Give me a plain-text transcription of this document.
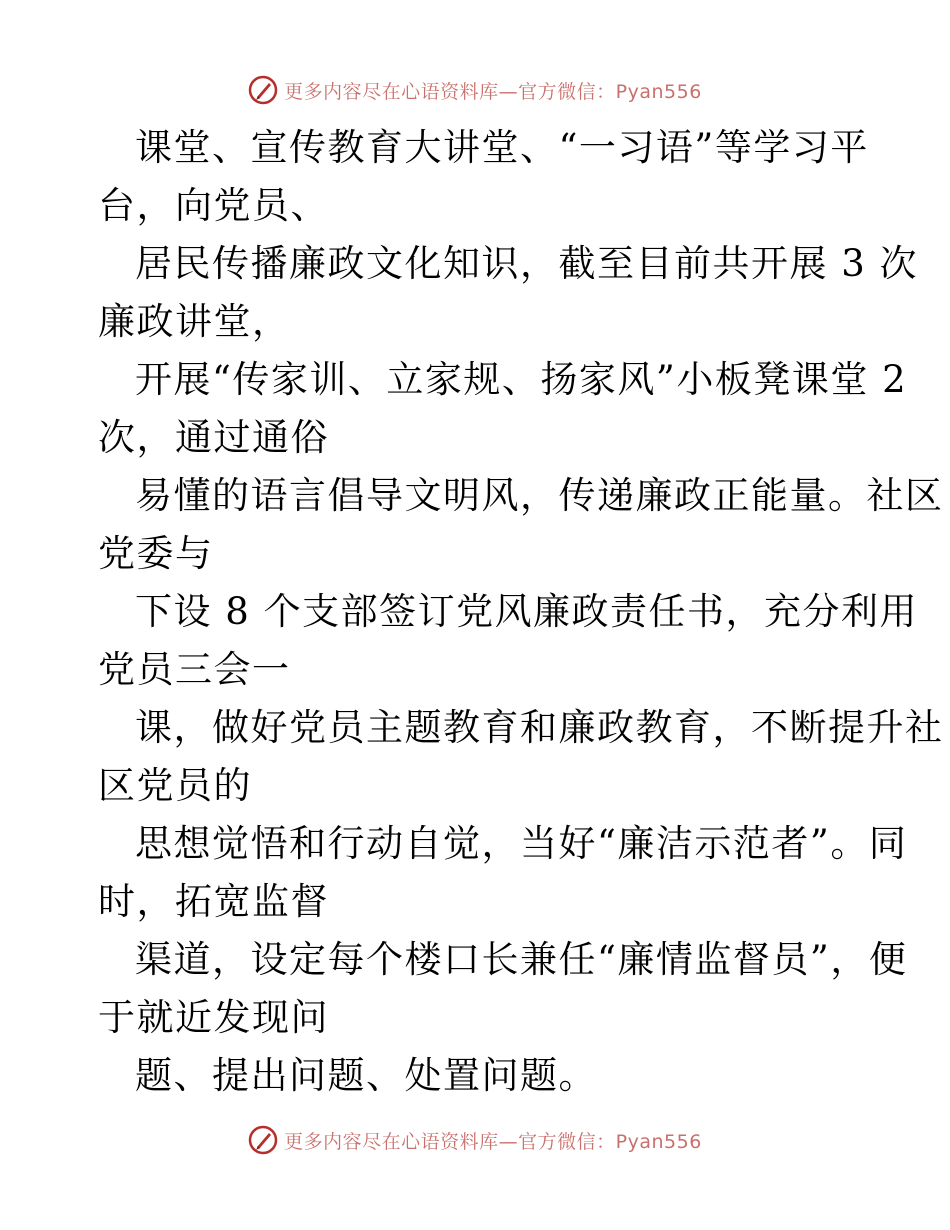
更多内容尽在心语资料库—官方微信：Pyan556
课堂、宣传教育大讲堂、“一习语”等学习平
台，向党员、
居民传播廉政文化知识，截至目前共开展 3 次
廉政讲堂，
开展“传家训、立家规、扬家风”小板凳课堂 2
次，通过通俗
易懂的语言倡导文明风，传递廉政正能量。社区
党委与
下设 8 个支部签订党风廉政责任书，充分利用
党员三会一
课，做好党员主题教育和廉政教育，不断提升社
区党员的
思想觉悟和行动自觉，当好“廉洁示范者”。同
时，拓宽监督
渠道，设定每个楼口长兼任“廉情监督员”，便
于就近发现问
题、提出问题、处置问题。
更多内容尽在心语资料库—官方微信：Pyan556
